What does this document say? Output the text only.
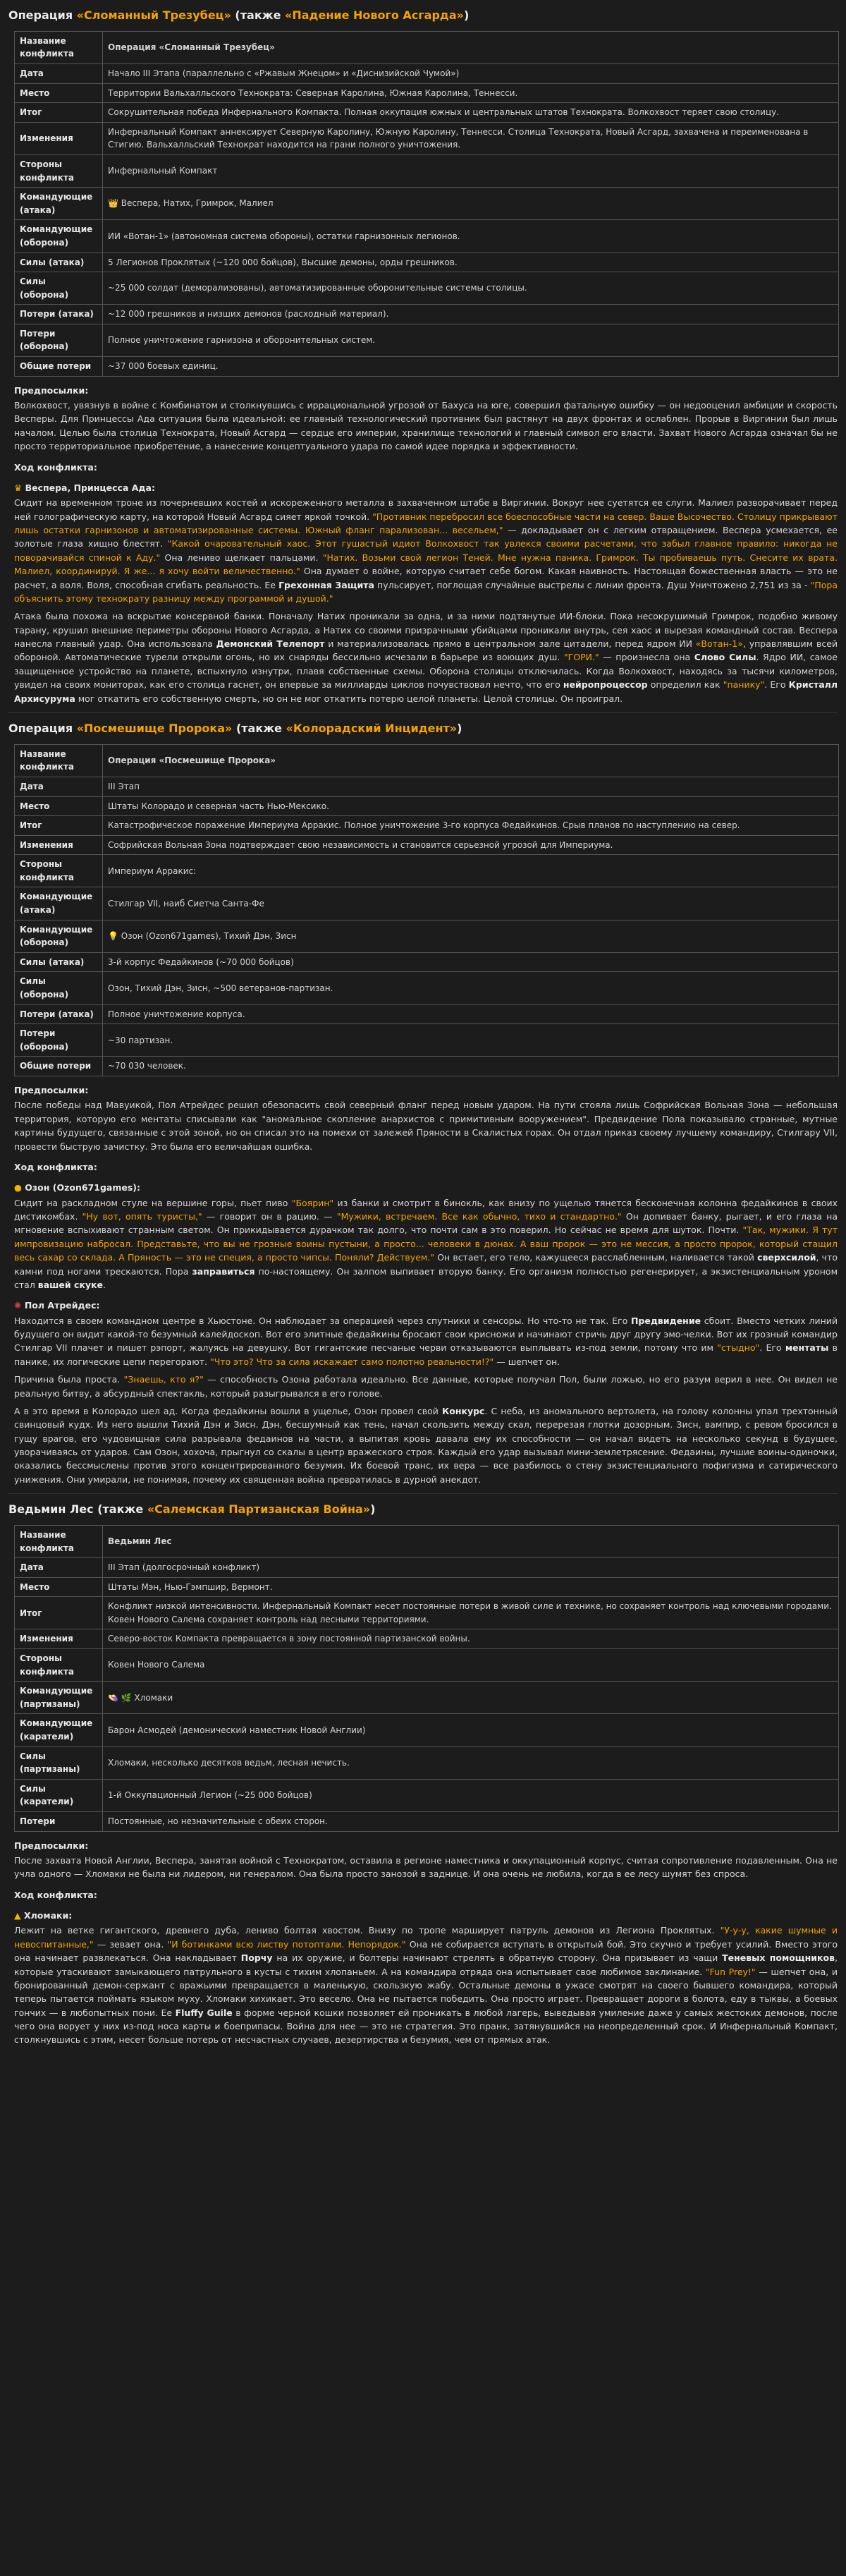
Операция «Сломанный Трезубец» (также «Падение Нового Асгарда»)
Название конфликта	Операция «Сломанный Трезубец»
Дата	Начало III Этапа (параллельно с «Ржавым Жнецом» и «Диснизийской Чумой»)
Место	Территории Вальхалльского Технократа: Северная Каролина, Южная Каролина, Теннесси.
Итог	Сокрушительная победа Инфернального Компакта. Полная оккупация южных и центральных штатов Технократа. Волкохвост теряет свою столицу.
Изменения	Инфернальный Компакт аннексирует Северную Каролину, Южную Каролину, Теннесси. Столица Технократа, Новый Асгард, захвачена и переименована в Стигию. Вальхалльский Технократ находится на грани полного уничтожения.
Стороны конфликта	Инфернальный Компакт
Командующие (атака)	👑 Веспера, Натих, Гримрок, Малиел
Командующие (оборона)	ИИ «Вотан-1» (автономная система обороны), остатки гарнизонных легионов.
Силы (атака)	5 Легионов Проклятых (~120 000 бойцов), Высшие демоны, орды грешников.
Силы (оборона)	~25 000 солдат (деморализованы), автоматизированные оборонительные системы столицы.
Потери (атака)	~12 000 грешников и низших демонов (расходный материал).
Потери (оборона)	Полное уничтожение гарнизона и оборонительных систем.
Общие потери	~37 000 боевых единиц.
Предпосылки:
Волкохвост, увязнув в войне с Комбинатом и столкнувшись с иррациональной угрозой от Бахуса на юге, совершил фатальную ошибку — он недооценил амбиции и скорость Весперы. Для Принцессы Ада ситуация была идеальной: ее главный технологический противник был растянут на двух фронтах и ослаблен. Прорыв в Виргинии был лишь началом. Целью была столица Технократа, Новый Асгард — сердце его империи, хранилище технологий и главный символ его власти. Захват Нового Асгарда означал бы не просто территориальное приобретение, а нанесение концептуального удара по самой идее порядка и эффективности.
Ход конфликта:
♛ Веспера, Принцесса Ада:
Сидит на временном троне из почерневших костей и искореженного металла в захваченном штабе в Виргинии. Вокруг нее суетятся ее слуги. Малиел разворачивает перед ней голографическую карту, на которой Новый Асгард сияет яркой точкой. "Противник перебросил все боеспособные части на север. Ваше Высочество. Столицу прикрывают лишь остатки гарнизонов и автоматизированные системы. Южный фланг парализован... весельем," — докладывает он с легким отвращением. Веспера усмехается, ее золотые глаза хищно блестят. "Какой очаровательный хаос. Этот гушастый идиот Волкохвост так увлекся своими расчетами, что забыл главное правило: никогда не поворачивайся спиной к Аду." Она лениво щелкает пальцами. "Натих. Возьми свой легион Теней. Мне нужна паника. Гримрок. Ты пробиваешь путь. Снесите их врата. Малиел, координируй. Я же... я хочу войти величественно." Она думает о войне, которую считает себе богом. Какая наивность. Настоящая божественная власть — это не расчет, а воля. Воля, способная сгибать реальность. Ее Грехонная Защита пульсирует, поглощая случайные выстрелы с линии фронта. Душ Уничтожено 2,751 из за - "Пора объяснить этому технократу разницу между программой и душой."
Атака была похожа на вскрытие консервной банки. Поначалу Натих проникали за одна, и за ними подтянутые ИИ-блоки. Пока несокрушимый Гримрок, подобно живому тарану, крушил внешние периметры обороны Нового Асгарда, а Натих со своими призрачными убийцами проникали внутрь, сея хаос и вырезая командный состав. Веспера нанесла главный удар. Она использовала Демонский Телепорт и материализовалась прямо в центральном зале цитадели, перед ядром ИИ «Вотан-1», управлявшим всей обороной. Автоматические турели открыли огонь, но их снаряды бессильно исчезали в барьере из воющих душ. "ГОРИ." — произнесла она Слово Силы. Ядро ИИ, самое защищенное устройство на планете, вспыхнуло изнутри, плавя собственные схемы. Оборона столицы отключилась. Когда Волкохвост, находясь за тысячи километров, увидел на своих мониторах, как его столица гаснет, он впервые за миллиарды циклов почувствовал нечто, что его нейропроцессор определил как "панику". Его Кристалл Архисурума мог откатить его собственную смерть, но он не мог откатить потерю целой планеты. Целой столицы. Он проиграл.
Операция «Посмешище Пророка» (также «Колорадский Инцидент»)
Название конфликта	Операция «Посмешище Пророка»
Дата	III Этап
Место	Штаты Колорадо и северная часть Нью-Мексико.
Итог	Катастрофическое поражение Империума Арракис. Полное уничтожение 3-го корпуса Федайкинов. Срыв планов по наступлению на север.
Изменения	Софрийская Вольная Зона подтверждает свою независимость и становится серьезной угрозой для Империума.
Стороны конфликта	Империум Арракис:
Командующие (атака)	Стилгар VII, наиб Сиетча Санта-Фе
Командующие (оборона)	💡 Озон (Ozon671games), Тихий Дэн, Зисн
Силы (атака)	3-й корпус Федайкинов (~70 000 бойцов)
Силы (оборона)	Озон, Тихий Дэн, Зисн, ~500 ветеранов-партизан.
Потери (атака)	Полное уничтожение корпуса.
Потери (оборона)	~30 партизан.
Общие потери	~70 030 человек.
Предпосылки:
После победы над Мавуикой, Пол Атрейдес решил обезопасить свой северный фланг перед новым ударом. На пути стояла лишь Софрийская Вольная Зона — небольшая территория, которую его ментаты списывали как "аномальное скопление анархистов с примитивным вооружением". Предвидение Пола показывало странные, мутные картины будущего, связанные с этой зоной, но он списал это на помехи от залежей Пряности в Скалистых горах. Он отдал приказ своему лучшему командиру, Стилгару VII, провести быструю зачистку. Это была его величайшая ошибка.
Ход конфликта:
● Озон (Ozon671games):
Сидит на раскладном стуле на вершине горы, пьет пиво "Боярин" из банки и смотрит в бинокль, как внизу по ущелью тянется бесконечная колонна федайкинов в своих дистикомбах. "Ну вот, опять туристы," — говорит он в рацию. — "Мужики, встречаем. Все как обычно, тихо и стандартно." Он допивает банку, рыгает, и его глаза на мгновение вспыхивают странным светом. Он прикидывается дурачком так долго, что почти сам в это поверил. Но сейчас не время для шуток. Почти. "Так, мужики. Я тут импровизацию набросал. Представьте, что вы не грозные воины пустыни, а просто... человеки в дюнах. А ваш пророк — это не мессия, а просто пророк, который стащил весь сахар со склада. А Пряность — это не специя, а просто чипсы. Поняли? Действуем." Он встает, его тело, кажущееся расслабленным, наливается такой сверхсилой, что камни под ногами трескаются. Пора заправиться по-настоящему. Он залпом выпивает вторую банку. Его организм полностью регенерирует, а экзистенциальным уроном стал вашей скуке.
✺ Пол Атрейдес:
Находится в своем командном центре в Хьюстоне. Он наблюдает за операцией через спутники и сенсоры. Но что-то не так. Его Предвидение сбоит. Вместо четких линий будущего он видит какой-то безумный калейдоскоп. Вот его элитные федайкины бросают свои крисножи и начинают стричь друг другу эмо-челки. Вот их грозный командир Стилгар VII плачет и пишет рэпорт, жалуясь на девушку. Вот гигантские песчаные черви отказываются выплывать из-под земли, потому что им "стыдно". Его ментаты в панике, их логические цепи перегорают. "Что это? Что за сила искажает само полотно реальности!?" — шепчет он.
Причина была проста. "Знаешь, кто я?" — способность Озона работала идеально. Все данные, которые получал Пол, были ложью, но его разум верил в нее. Он видел не реальную битву, а абсурдный спектакль, который разыгрывался в его голове.
А в это время в Колорадо шел ад. Когда федайкины вошли в ущелье, Озон провел свой Конкурс. С неба, из аномального вертолета, на голову колонны упал трехтонный свинцовый кудх. Из него вышли Тихий Дэн и Зисн. Дэн, бесшумный как тень, начал скользить между скал, перерезая глотки дозорным. Зисн, вампир, с ревом бросился в гущу врагов, его чудовищная сила разрывала федаинов на части, а выпитая кровь давала ему их способности — он начал видеть на несколько секунд в будущее, уворачиваясь от ударов. Сам Озон, хохоча, прыгнул со скалы в центр вражеского строя. Каждый его удар вызывал мини-землетрясение. Федаины, лучшие воины-одиночки, оказались бессмыслены против этого концентрированного безумия. Их боевой транс, их вера — все разбилось о стену экзистенциального пофигизма и сатирического унижения. Они умирали, не понимая, почему их священная война превратилась в дурной анекдот.
Ведьмин Лес (также «Салемская Партизанская Война»)
Название конфликта	Ведьмин Лес
Дата	III Этап (долгосрочный конфликт)
Место	Штаты Мэн, Нью-Гэмпшир, Вермонт.
Итог	Конфликт низкой интенсивности. Инфернальный Компакт несет постоянные потери в живой силе и технике, но сохраняет контроль над ключевыми городами. Ковен Нового Салема сохраняет контроль над лесными территориями.
Изменения	Северо-восток Компакта превращается в зону постоянной партизанской войны.
Стороны конфликта	Ковен Нового Салема
Командующие (партизаны)	👒 🌿 Хломаки
Командующие (каратели)	Барон Асмодей (демонический наместник Новой Англии)
Силы (партизаны)	Хломаки, несколько десятков ведьм, лесная нечисть.
Силы (каратели)	1-й Оккупационный Легион (~25 000 бойцов)
Потери	Постоянные, но незначительные с обеих сторон.
Предпосылки:
После захвата Новой Англии, Веспера, занятая войной с Технократом, оставила в регионе наместника и оккупационный корпус, считая сопротивление подавленным. Она не учла одного — Хломаки не была ни лидером, ни генералом. Она была просто занозой в заднице. И она очень не любила, когда в ее лесу шумят без спроса.
Ход конфликта:
▲ Хломаки:
Лежит на ветке гигантского, древнего дуба, лениво болтая хвостом. Внизу по тропе марширует патруль демонов из Легиона Проклятых. "У-у-у, какие шумные и невоспитанные," — зевает она. "И ботинками всю листву потоптали. Непорядок." Она не собирается вступать в открытый бой. Это скучно и требует усилий. Вместо этого она начинает развлекаться. Она накладывает Порчу на их оружие, и болтеры начинают стрелять в обратную сторону. Она призывает из чащи Теневых помощников, которые утаскивают замыкающего патрульного в кусты с тихим хлопаньем. А на командира отряда она испытывает свое любимое заклинание. "Fun Prey!" — шепчет она, и бронированный демон-сержант с вражьими превращается в маленькую, скользкую жабу. Остальные демоны в ужасе смотрят на своего бывшего командира, который теперь пытается поймать языком муху. Хломаки хихикает. Это весело. Она не пытается победить. Она просто играет. Превращает дороги в болота, еду в тыквы, а боевых гончих — в любопытных пони. Ее Fluffy Guile в форме черной кошки позволяет ей проникать в любой лагерь, выведывая умиление даже у самых жестоких демонов, после чего она ворует у них из-под носа карты и боеприпасы. Война для нее — это не стратегия. Это пранк, затянувшийся на неопределенный срок. И Инфернальный Компакт, столкнувшись с этим, несет больше потерь от несчастных случаев, дезертирства и безумия, чем от прямых атак.
